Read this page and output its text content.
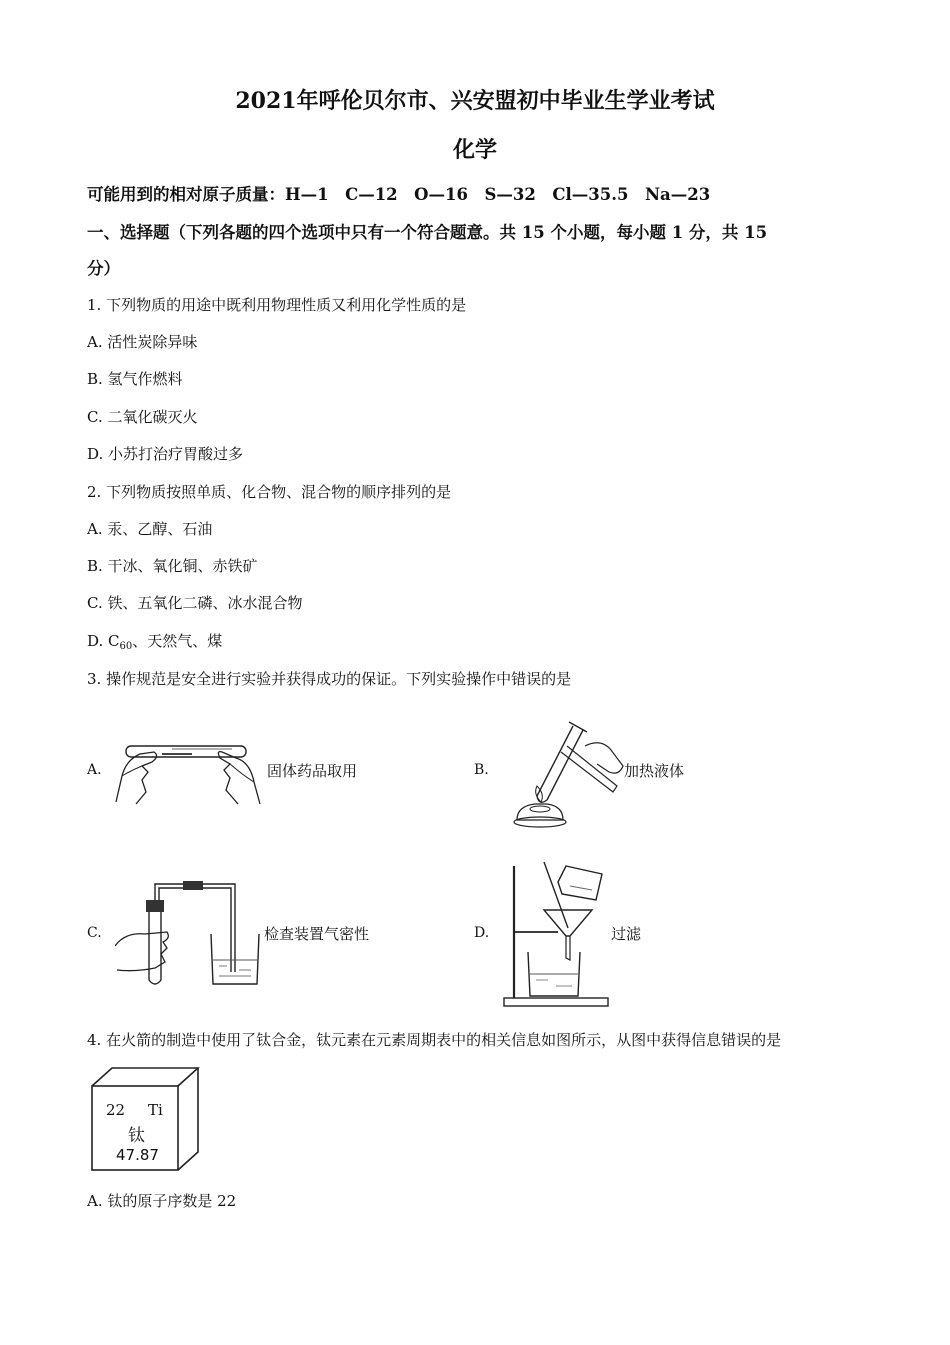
2021年呼伦贝尔市、兴安盟初中毕业生学业考试
化学
可能用到的相对原子质量：H—1　C—12　O—16　S—32　Cl—35.5　Na—23
一、选择题（下列各题的四个选项中只有一个符合题意。共 15 个小题，每小题 1 分，共 15
分）
1. 下列物质的用途中既利用物理性质又利用化学性质的是
A. 活性炭除异味
B. 氢气作燃料
C. 二氧化碳灭火
D. 小苏打治疗胃酸过多
2. 下列物质按照单质、化合物、混合物的顺序排列的是
A. 汞、乙醇、石油
B. 干冰、氧化铜、赤铁矿
C. 铁、五氧化二磷、冰水混合物
D. $C_{60}$、天然气、煤
3. 操作规范是安全进行实验并获得成功的保证。下列实验操作中错误的是
A.	固体药品取用	B.	加热液体
C.	检查装置气密性	D.	过滤
4. 在火箭的制造中使用了钛合金，钛元素在元素周期表中的相关信息如图所示，从图中获得信息错误的是
22 Ti
钛
47.87
A. 钛的原子序数是 22
